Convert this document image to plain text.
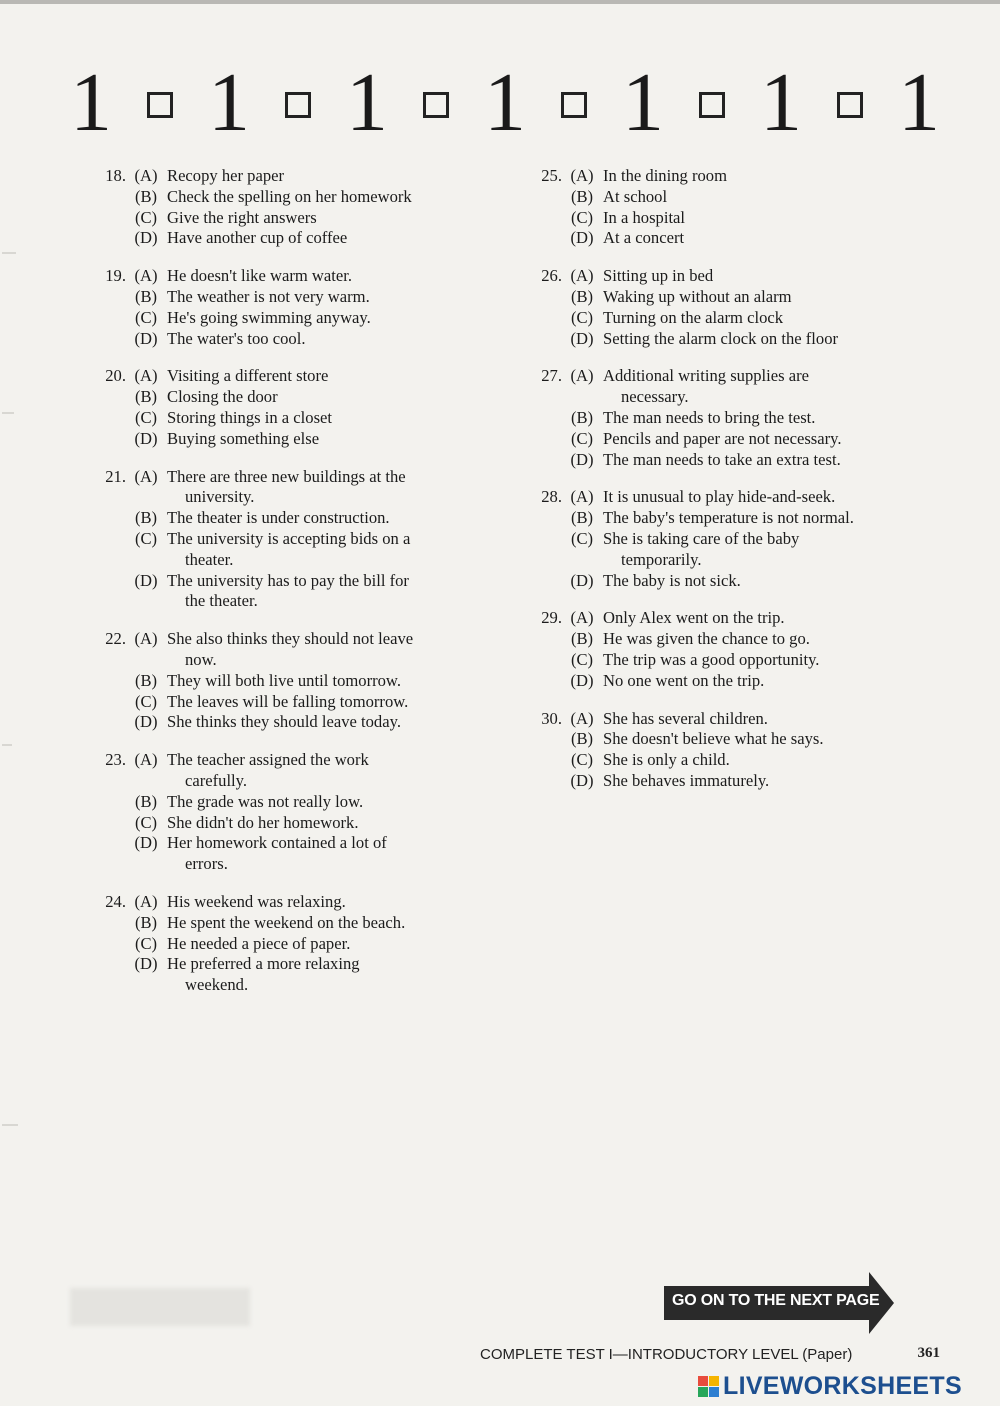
1 1 1 1 1 1 1
18. (A) Recopy her paper
(B) Check the spelling on her homework
(C) Give the right answers
(D) Have another cup of coffee
19. (A) He doesn't like warm water.
(B) The weather is not very warm.
(C) He's going swimming anyway.
(D) The water's too cool.
20. (A) Visiting a different store
(B) Closing the door
(C) Storing things in a closet
(D) Buying something else
21. (A) There are three new buildings at the
university.
(B) The theater is under construction.
(C) The university is accepting bids on a
theater.
(D) The university has to pay the bill for
the theater.
22. (A) She also thinks they should not leave
now.
(B) They will both live until tomorrow.
(C) The leaves will be falling tomorrow.
(D) She thinks they should leave today.
23. (A) The teacher assigned the work
carefully.
(B) The grade was not really low.
(C) She didn't do her homework.
(D) Her homework contained a lot of
errors.
24. (A) His weekend was relaxing.
(B) He spent the weekend on the beach.
(C) He needed a piece of paper.
(D) He preferred a more relaxing
weekend.
25. (A) In the dining room
(B) At school
(C) In a hospital
(D) At a concert
26. (A) Sitting up in bed
(B) Waking up without an alarm
(C) Turning on the alarm clock
(D) Setting the alarm clock on the floor
27. (A) Additional writing supplies are
necessary.
(B) The man needs to bring the test.
(C) Pencils and paper are not necessary.
(D) The man needs to take an extra test.
28. (A) It is unusual to play hide-and-seek.
(B) The baby's temperature is not normal.
(C) She is taking care of the baby
temporarily.
(D) The baby is not sick.
29. (A) Only Alex went on the trip.
(B) He was given the chance to go.
(C) The trip was a good opportunity.
(D) No one went on the trip.
30. (A) She has several children.
(B) She doesn't believe what he says.
(C) She is only a child.
(D) She behaves immaturely.
GO ON TO THE NEXT PAGE
COMPLETE TEST I—INTRODUCTORY LEVEL (Paper)	361
LIVEWORKSHEETS
